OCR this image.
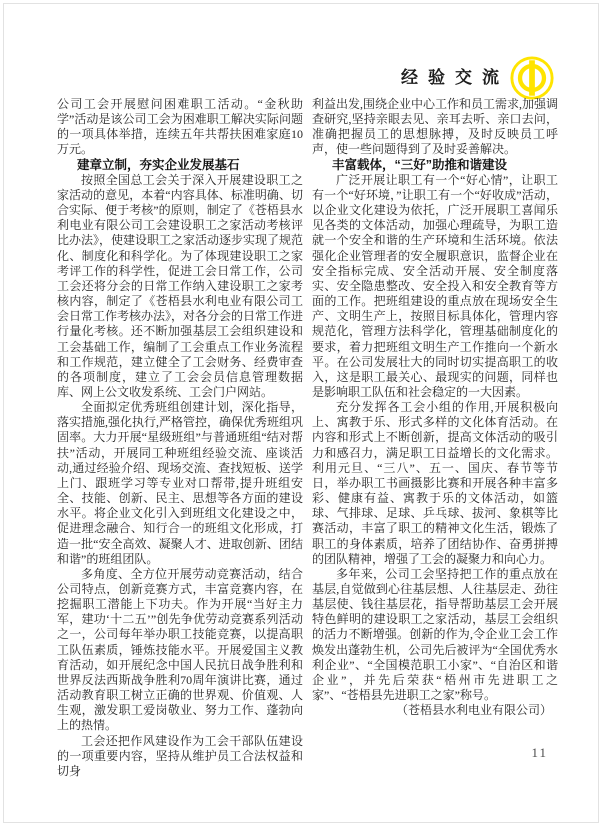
经验交流
公司工会开展慰问困难职工活动。“金秋助学”活动是该公司工会为困难职工解决实际问题的一项具体举措，连续五年共帮扶困难家庭10万元。
建章立制，夯实企业发展基石
按照全国总工会关于深入开展建设职工之家活动的意见，本着“内容具体、标准明确、切合实际、便于考核”的原则，制定了《苍梧县水利电业有限公司工会建设职工之家活动考核评比办法》，使建设职工之家活动逐步实现了规范化、制度化和科学化。为了体现建设职工之家考评工作的科学性，促进工会日常工作，公司工会还将分会的日常工作纳入建设职工之家考核内容，制定了《苍梧县水利电业有限公司工会日常工作考核办法》，对各分会的日常工作进行量化考核。还不断加强基层工会组织建设和工会基础工作，编制了工会重点工作业务流程和工作规范，建立健全了工会财务、经费审查的各项制度，建立了工会会员信息管理数据库、网上公文收发系统、工会门户网站。
全面拟定优秀班组创建计划，深化指导，落实措施,强化执行,严格管控，确保优秀班组巩固率。大力开展“星级班组”与普通班组“结对帮扶”活动，开展同工种班组经验交流、座谈活动,通过经验介绍、现场交流、查找短板、送学上门、跟班学习等专业对口帮带,提升班组安全、技能、创新、民主、思想等各方面的建设水平。将企业文化引入到班组文化建设之中，促进理念融合、知行合一的班组文化形成，打造一批“安全高效、凝聚人才、进取创新、团结和谐”的班组团队。
多角度、全方位开展劳动竞赛活动，结合公司特点，创新竞赛方式，丰富竞赛内容，在挖掘职工潜能上下功夫。作为开展“当好主力军，建功‘十二五’”创先争优劳动竞赛系列活动之一，公司每年举办职工技能竞赛，以提高职工队伍素质，锤炼技能水平。开展爱国主义教育活动，如开展纪念中国人民抗日战争胜利和世界反法西斯战争胜利70周年演讲比赛，通过活动教育职工树立正确的世界观、价值观、人生观，激发职工爱岗敬业、努力工作、蓬勃向上的热情。
工会还把作风建设作为工会干部队伍建设的一项重要内容，坚持从维护员工合法权益和切身
利益出发,围绕企业中心工作和员工需求,加强调查研究,坚持亲眼去见、亲耳去听、亲口去问，准确把握员工的思想脉搏，及时反映员工呼声，使一些问题得到了及时妥善解决。
丰富载体，“三好”助推和谐建设
广泛开展让职工有一个“好心情”，让职工有一个“好环境，”让职工有一个“好收成”活动，以企业文化建设为依托，广泛开展职工喜闻乐见各类的文体活动，加强心理疏导，为职工造就一个安全和谐的生产环境和生活环境。依法强化企业管理者的安全履职意识，监督企业在安全指标完成、安全活动开展、安全制度落实、安全隐患整改、安全投入和安全教育等方面的工作。把班组建设的重点放在现场安全生产、文明生产上，按照目标具体化，管理内容规范化，管理方法科学化，管理基础制度化的要求，着力把班组文明生产工作推向一个新水平。在公司发展壮大的同时切实提高职工的收入，这是职工最关心、最现实的问题，同样也是影响职工队伍和社会稳定的一大因素。
充分发挥各工会小组的作用,开展积极向上、寓教于乐、形式多样的文化体育活动。在内容和形式上不断创新，提高文体活动的吸引力和感召力，满足职工日益增长的文化需求。利用元旦、“三八”、五一、国庆、春节等节日，举办职工书画摄影比赛和开展各种丰富多彩、健康有益、寓教于乐的文体活动，如篮球、气排球、足球、乒乓球、拔河、象棋等比赛活动，丰富了职工的精神文化生活，锻炼了职工的身体素质，培养了团结协作、奋勇拼搏的团队精神，增强了工会的凝聚力和向心力。
多年来，公司工会坚持把工作的重点放在基层,自觉做到心往基层想、人往基层走、劲往基层使、钱往基层花，指导帮助基层工会开展特色鲜明的建设职工之家活动，基层工会组织的活力不断增强。创新的作为,令企业工会工作焕发出蓬勃生机，公司先后被评为“全国优秀水利企业”、“全国模范职工小家”、“自治区和谐企业”，并先后荣获“梧州市先进职工之家”、“苍梧县先进职工之家”称号。
（苍梧县水利电业有限公司）
11
